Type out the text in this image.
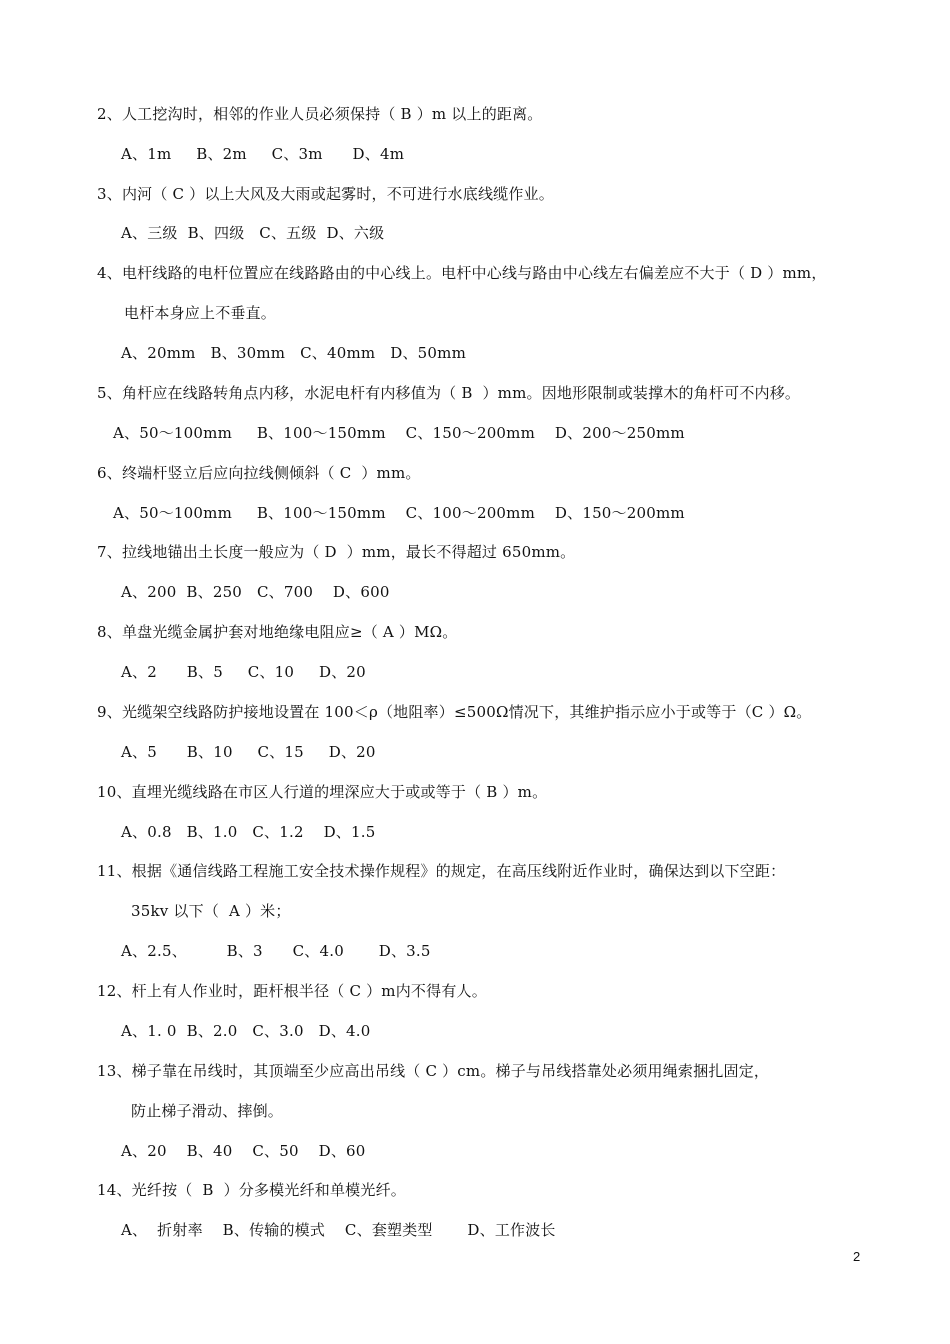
2、人工挖沟时，相邻的作业人员必须保持（ B ）m 以上的距离。
A、1m     B、2m     C、3m      D、4m
3、内河（ C ）以上大风及大雨或起雾时，不可进行水底线缆作业。
A、三级  B、四级   C、五级  D、六级
4、电杆线路的电杆位置应在线路路由的中心线上。电杆中心线与路由中心线左右偏差应不大于（ D ）mm，
电杆本身应上不垂直。
A、20mm   B、30mm   C、40mm   D、50mm
5、角杆应在线路转角点内移，水泥电杆有内移值为（ B  ）mm。因地形限制或装撑木的角杆可不内移。
A、50～100mm     B、100～150mm    C、150～200mm    D、200～250mm
6、终端杆竖立后应向拉线侧倾斜（ C  ）mm。
A、50～100mm     B、100～150mm    C、100～200mm    D、150～200mm
7、拉线地锚出土长度一般应为（ D  ）mm，最长不得超过 650mm。
A、200  B、250   C、700    D、600
8、单盘光缆金属护套对地绝缘电阻应≥（ A ）MΩ。
A、2      B、5     C、10     D、20
9、光缆架空线路防护接地设置在 100＜ρ（地阻率）≤500Ω情况下，其维护指示应小于或等于（C ）Ω。
A、5      B、10     C、15     D、20
10、直埋光缆线路在市区人行道的埋深应大于或或等于（ B ）m。
A、0.8   B、1.0   C、1.2    D、1.5
11、根据《通信线路工程施工安全技术操作规程》的规定，在高压线附近作业时，确保达到以下空距：
35kv 以下（  A ）米；
A、2.5、        B、3      C、4.0       D、3.5
12、杆上有人作业时，距杆根半径（ C ）m内不得有人。
A、1. 0  B、2.0   C、3.0   D、4.0
13、梯子靠在吊线时，其顶端至少应高出吊线（ C ）cm。梯子与吊线搭靠处必须用绳索捆扎固定，
防止梯子滑动、摔倒。
A、20    B、40    C、50    D、60
14、光纤按（  B  ）分多模光纤和单模光纤。
A、  折射率    B、传输的模式    C、套塑类型       D、工作波长
2
